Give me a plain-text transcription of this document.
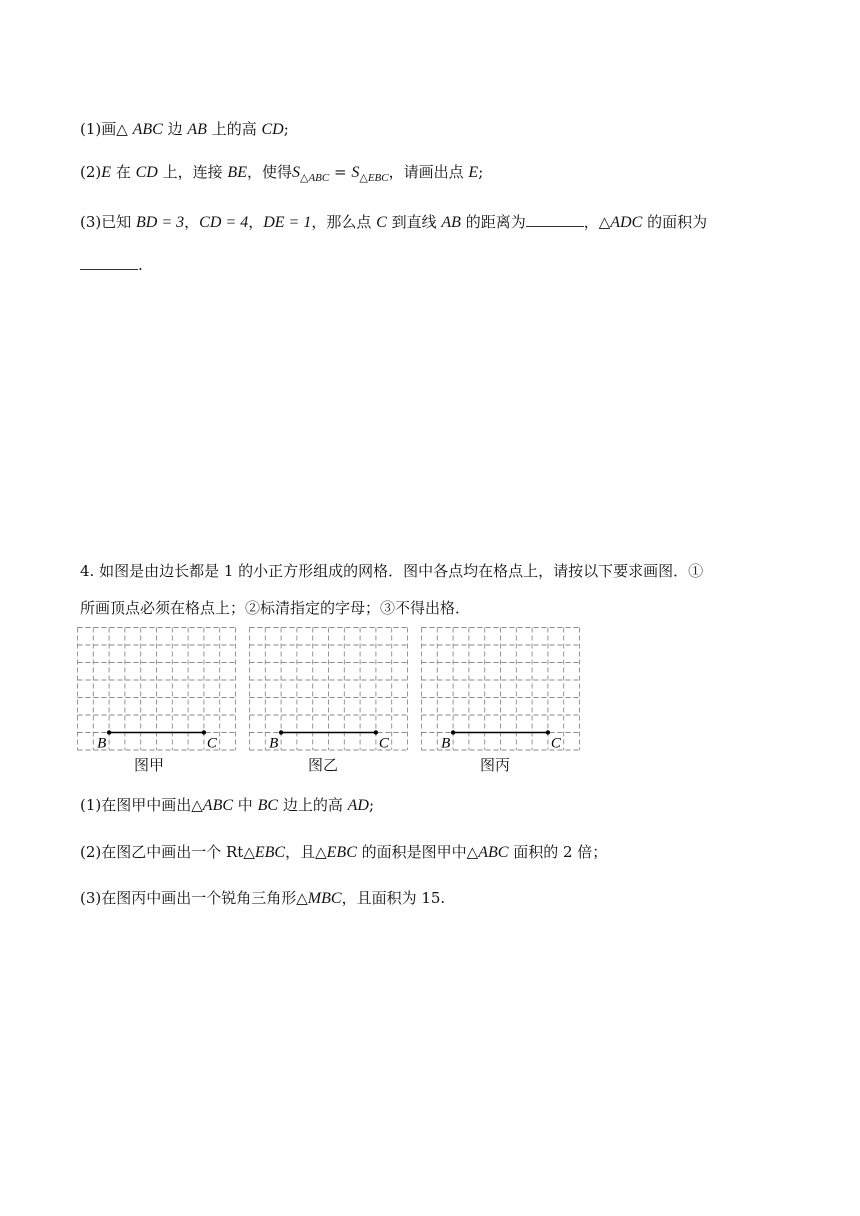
(1)画△ ABC 边 AB 上的高 CD;
(2)E 在 CD 上，连接 BE，使得$S_{\triangle ABC} = S_{\triangle EBC}$，请画出点 E;
(3)已知 BD = 3，CD = 4，DE = 1，那么点 C 到直线 AB 的距离为	，△ADC 的面积为
.
4. 如图是由边长都是 1 的小正方形组成的网格．图中各点均在格点上，请按以下要求画图．①
所画顶点必须在格点上；②标清指定的字母；③不得出格．
B	C	B	C	B	C
图甲	图乙	图丙
(1)在图甲中画出△ABC 中 BC 边上的高 AD;
(2)在图乙中画出一个 Rt△EBC，且△EBC 的面积是图甲中△ABC 面积的 2 倍；
(3)在图丙中画出一个锐角三角形△MBC，且面积为 15.
